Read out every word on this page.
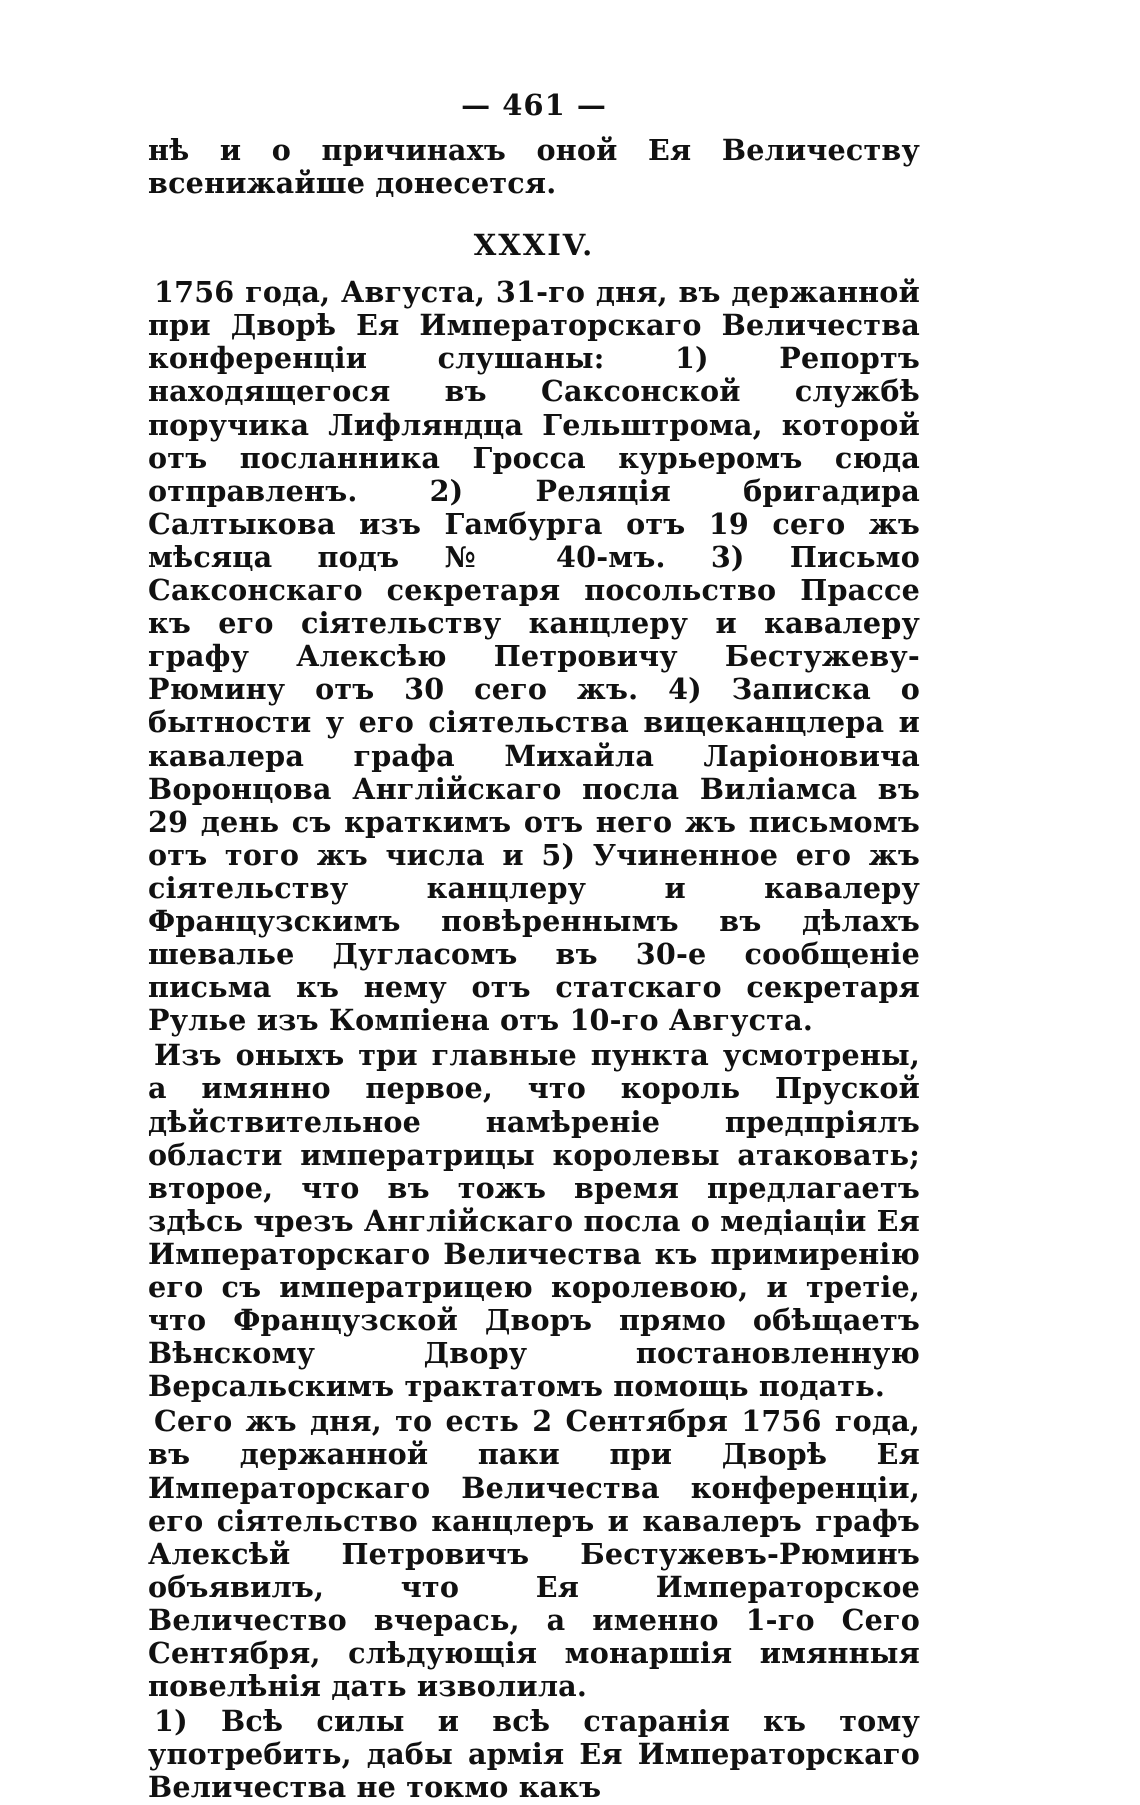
— 461 —

нѣ и о причинахъ оной Ея Величеству всенижайше донесется.

XXXIV.

1756 года, Августа, 31-го дня, въ держанной при Дворѣ Ея Императорскаго Величества конференціи слушаны: 1) Репортъ находящегося въ Саксонской службѣ поручика Лифляндца Гельштрома, которой отъ посланника Гросса курьеромъ сюда отправленъ. 2) Реляція бригадира Салтыкова изъ Гамбурга отъ 19 сего жъ мѣсяца подъ № 40-мъ. 3) Письмо Саксонскаго секретаря посольство Прассе къ его сіятельству канцлеру и кавалеру графу Алексѣю Петровичу Бестужеву-Рюмину отъ 30 сего жъ. 4) Записка о бытности у его сіятельства вицеканцлера и кавалера графа Михайла Ларіоновича Воронцова Англійскаго посла Виліамса въ 29 день съ краткимъ отъ него жъ письмомъ отъ того жъ числа и 5) Учиненное его жъ сіятельству канцлеру и кавалеру Французскимъ повѣреннымъ въ дѣлахъ шевалье Дугласомъ въ 30-е сообщеніе письма къ нему отъ статскаго секретаря Рулье изъ Компіена отъ 10-го Августа.

Изъ оныхъ три главные пункта усмотрены, а имянно первое, что король Пруской дѣйствительное намѣреніе предпріялъ области императрицы королевы атаковать; второе, что въ тожъ время предлагаетъ здѣсь чрезъ Англійскаго посла о медіаціи Ея Императорскаго Величества къ примиренію его съ императрицею королевою, и третіе, что Французской Дворъ прямо обѣщаетъ Вѣнскому Двору постановленную Версальскимъ трактатомъ помощь подать.

Сего жъ дня, то есть 2 Сентября 1756 года, въ держанной паки при Дворѣ Ея Императорскаго Величества конференціи, его сіятельство канцлеръ и кавалеръ графъ Алексѣй Петровичъ Бестужевъ-Рюминъ объявилъ, что Ея Императорское Величество вчерась, а именно 1-го Сего Сентября, слѣдующія монаршія имянныя повелѣнія дать изволила.

1) Всѣ силы и всѣ старанія къ тому употребить, дабы армія Ея Императорскаго Величества не токмо какъ
